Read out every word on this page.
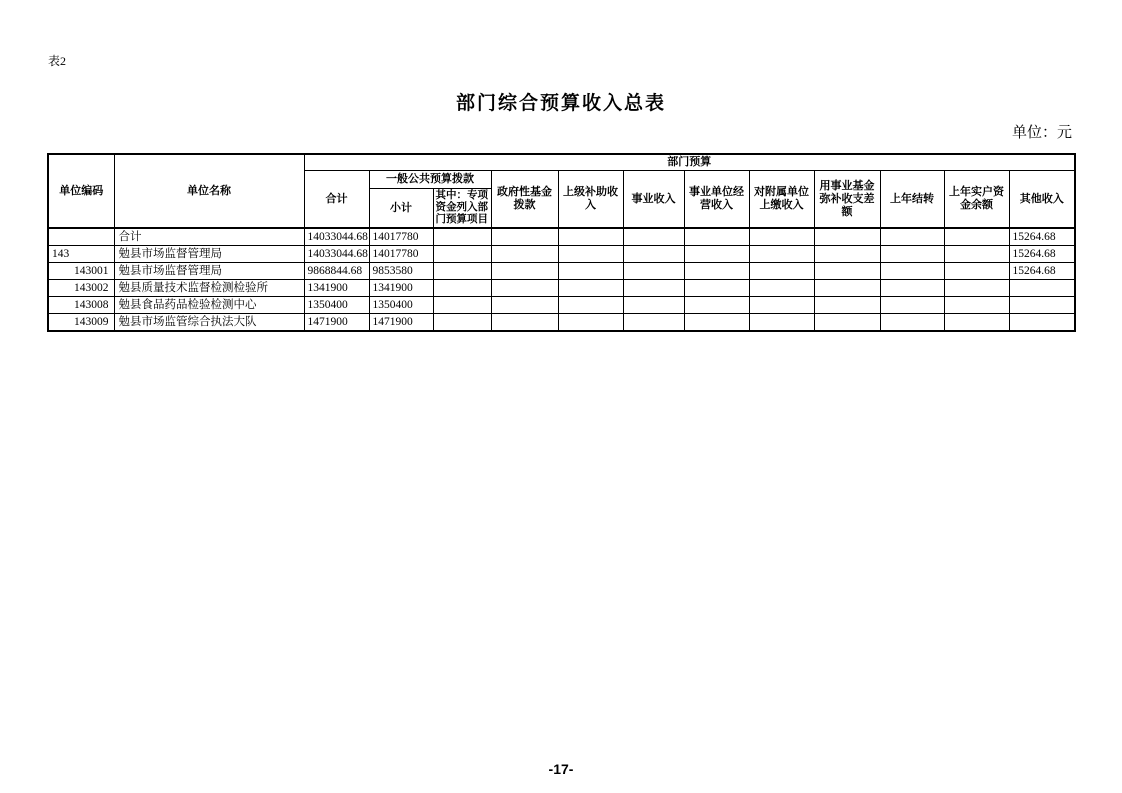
表2
部门综合预算收入总表
单位：元
单位编码	单位名称	部门预算											
		合计	一般公共预算拨款		政府性基金拨款	上级补助收入	事业收入	事业单位经营收入	对附属单位上缴收入	用事业基金弥补收支差额	上年结转	上年实户资金余额	其他收入
			小计	其中：专项资金列入部门预算项目									
	合计	14033044.68	14017780										15264.68
143	勉县市场监督管理局	14033044.68	14017780										15264.68
143001	勉县市场监督管理局	9868844.68	9853580										15264.68
143002	勉县质量技术监督检测检验所	1341900	1341900										
143008	勉县食品药品检验检测中心	1350400	1350400										
143009	勉县市场监管综合执法大队	1471900	1471900										
-17-
